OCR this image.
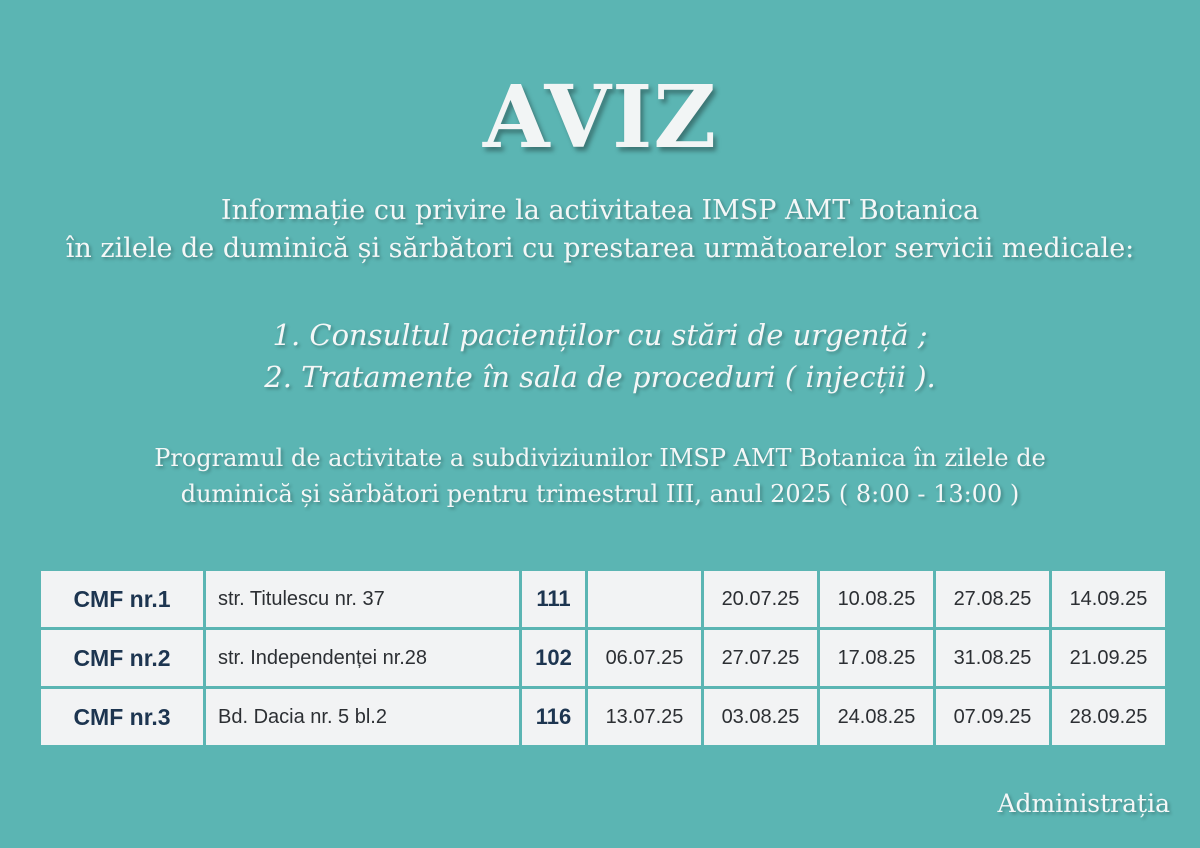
AVIZ
Informație cu privire la activitatea IMSP AMT Botanica
în zilele de duminică și sărbători cu prestarea următoarelor servicii medicale:
1. Consultul pacienților cu stări de urgență ;
2. Tratamente în sala de proceduri ( injecții ).
Programul de activitate a subdiviziunilor IMSP AMT Botanica în zilele de
duminică și sărbători pentru trimestrul III, anul 2025 ( 8:00 - 13:00 )
CMF nr.1	str. Titulescu nr. 37	111		20.07.25	10.08.25	27.08.25	14.09.25
CMF nr.2	str. Independenței nr.28	102	06.07.25	27.07.25	17.08.25	31.08.25	21.09.25
CMF nr.3	Bd. Dacia nr. 5 bl.2	116	13.07.25	03.08.25	24.08.25	07.09.25	28.09.25
Administrația
